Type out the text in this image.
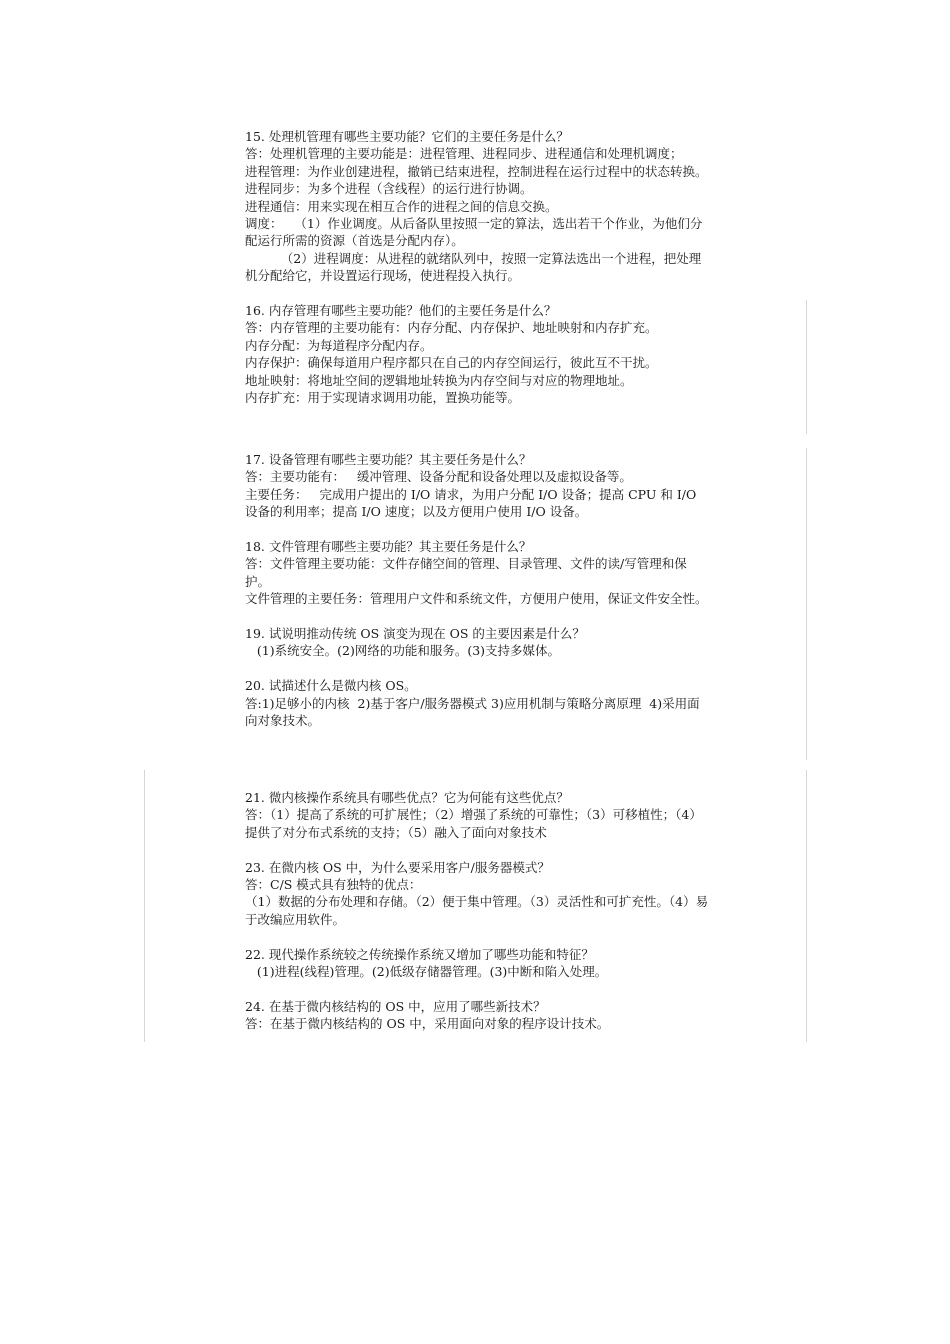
15. 处理机管理有哪些主要功能？它们的主要任务是什么？

答：处理机管理的主要功能是：进程管理、进程同步、进程通信和处理机调度；

进程管理：为作业创建进程，撤销已结束进程，控制进程在运行过程中的状态转换。

进程同步：为多个进程（含线程）的运行进行协调。

进程通信：用来实现在相互合作的进程之间的信息交换。

调度：   （1）作业调度。从后备队里按照一定的算法，选出若干个作业，为他们分配运行所需的资源（首选是分配内存）。

（2）进程调度：从进程的就绪队列中，按照一定算法选出一个进程，把处理机分配给它，并设置运行现场，使进程投入执行。

16. 内存管理有哪些主要功能？他们的主要任务是什么？

答：内存管理的主要功能有：内存分配、内存保护、地址映射和内存扩充。

内存分配：为每道程序分配内存。

内存保护：确保每道用户程序都只在自己的内存空间运行，彼此互不干扰。

地址映射：将地址空间的逻辑地址转换为内存空间与对应的物理地址。

内存扩充：用于实现请求调用功能，置换功能等。

17. 设备管理有哪些主要功能？其主要任务是什么？

答：主要功能有：   缓冲管理、设备分配和设备处理以及虚拟设备等。

主要任务：   完成用户提出的 I/O 请求，为用户分配 I/O 设备；提高 CPU 和 I/O 设备的利用率；提高 I/O 速度；以及方便用户使用 I/O 设备。

18. 文件管理有哪些主要功能？其主要任务是什么？

答：文件管理主要功能：文件存储空间的管理、目录管理、文件的读/写管理和保护。

文件管理的主要任务：管理用户文件和系统文件，方便用户使用，保证文件安全性。

19. 试说明推动传统 OS 演变为现在 OS 的主要因素是什么？

(1)系统安全。(2)网络的功能和服务。(3)支持多媒体。

20. 试描述什么是微内核 OS。

答:1)足够小的内核  2)基于客户/服务器模式 3)应用机制与策略分离原理  4)采用面向对象技术。

21. 微内核操作系统具有哪些优点？它为何能有这些优点？

答：（1）提高了系统的可扩展性；（2）增强了系统的可靠性；（3）可移植性；（4）提供了对分布式系统的支持；（5）融入了面向对象技术

23. 在微内核 OS 中，为什么要采用客户/服务器模式？

答：C/S 模式具有独特的优点：

（1）数据的分布处理和存储。（2）便于集中管理。（3）灵活性和可扩充性。（4）易于改编应用软件。

22. 现代操作系统较之传统操作系统又增加了哪些功能和特征？

(1)进程(线程)管理。(2)低级存储器管理。(3)中断和陷入处理。

24. 在基于微内核结构的 OS 中，应用了哪些新技术？

答：在基于微内核结构的 OS 中，采用面向对象的程序设计技术。
